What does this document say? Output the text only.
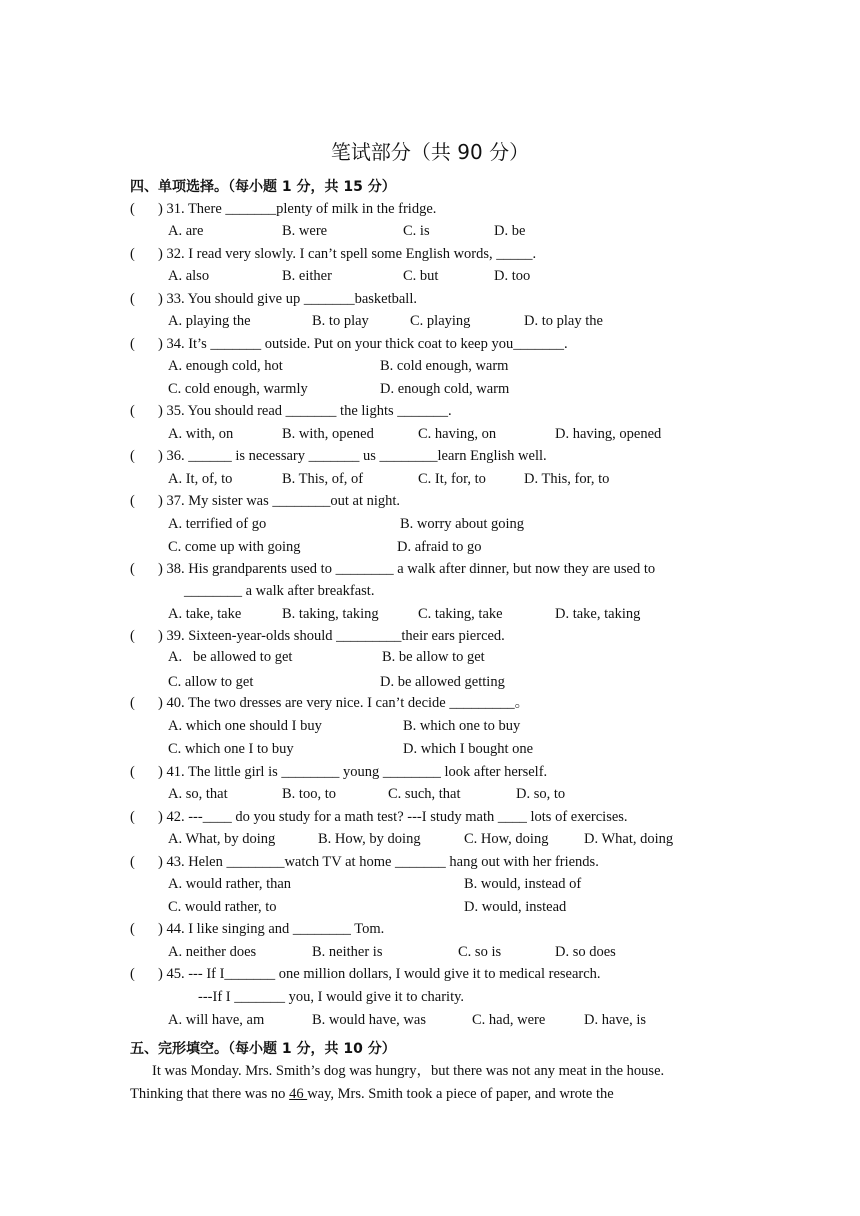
笔试部分（共 90 分）
四、单项选择。（每小题 1 分，共 15 分）
( ) 31. There _______plenty of milk in the fridge.
A. are	B. were	C. is	D. be
( ) 32. I read very slowly. I can’t spell some English words, _____.
A. also	B. either	C. but	D. too
( ) 33. You should give up _______basketball.
A. playing the	B. to play	C. playing	D. to play the
( ) 34. It’s _______ outside. Put on your thick coat to keep you_______.
A. enough cold, hot	B. cold enough, warm
C. cold enough, warmly	D. enough cold, warm
( ) 35. You should read _______ the lights _______.
A. with, on	B. with, opened	C. having, on	D. having, opened
( ) 36. ______ is necessary _______ us ________learn English well.
A. It, of, to	B. This, of, of	C. It, for, to	D. This, for, to
( ) 37. My sister was ________out at night.
A. terrified of go	B. worry about going
C. come up with going	D. afraid to go
( ) 38. His grandparents used to ________ a walk after dinner, but now they are used to
________ a walk after breakfast.
A. take, take	B. taking, taking	C. taking, take	D. take, taking
( ) 39. Sixteen-year-olds should _________their ears pierced.
A.   be allowed to get	B. be allow to get
C. allow to get	D. be allowed getting
( ) 40. The two dresses are very nice. I can’t decide _________。
A. which one should I buy	B. which one to buy
C. which one I to buy	D. which I bought one
( ) 41. The little girl is ________ young ________ look after herself.
A. so, that	B. too, to	C. such, that	D. so, to
( ) 42. ---____ do you study for a math test? ---I study math ____ lots of exercises.
A. What, by doing	B. How, by doing	C. How, doing D. What, doing
( ) 43. Helen ________watch TV at home _______ hang out with her friends.
A. would rather, than	B. would, instead of
C. would rather, to	D. would, instead
( ) 44. I like singing and ________ Tom.
A. neither does	B. neither is	C. so is	D. so does
( ) 45. --- If I_______ one million dollars, I would give it to medical research.
---If I _______ you, I would give it to charity.
A. will have, am	B. would have, was	C. had, were	D. have, is
五、完形填空。（每小题 1 分，共 10 分）
It was Monday. Mrs. Smith’s dog was hungry，but there was not any meat in the house.
Thinking that there was no 46 way, Mrs. Smith took a piece of paper, and wrote the
